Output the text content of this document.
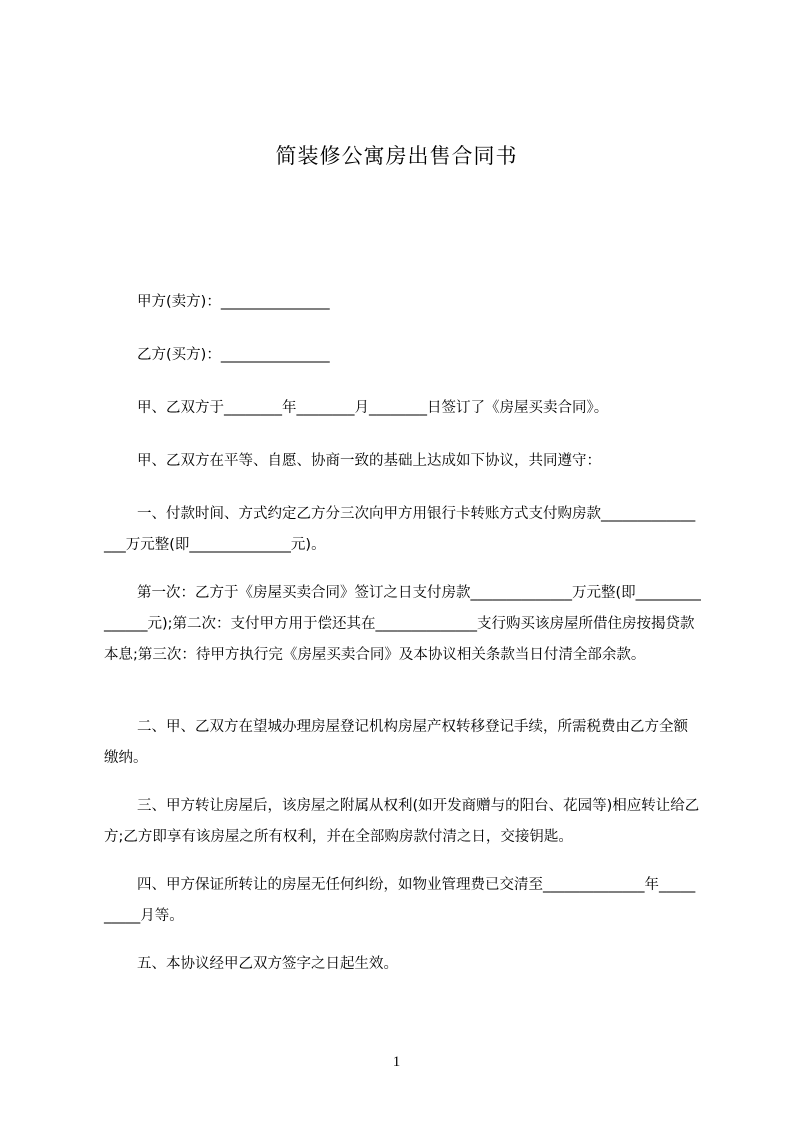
简装修公寓房出售合同书

甲方(卖方)：_______________

乙方(买方)：_______________

甲、乙双方于________年________月________日签订了《房屋买卖合同》。

甲、乙双方在平等、自愿、协商一致的基础上达成如下协议，共同遵守：

一、付款时间、方式约定乙方分三次向甲方用银行卡转账方式支付购房款________________万元整(即______________元)。

第一次：乙方于《房屋买卖合同》签订之日支付房款______________万元整(即_______________元);第二次：支付甲方用于偿还其在______________支行购买该房屋所借住房按揭贷款本息;第三次：待甲方执行完《房屋买卖合同》及本协议相关条款当日付清全部余款。

二、甲、乙双方在望城办理房屋登记机构房屋产权转移登记手续，所需税费由乙方全额缴纳。

三、甲方转让房屋后，该房屋之附属从权利(如开发商赠与的阳台、花园等)相应转让给乙方;乙方即享有该房屋之所有权利，并在全部购房款付清之日，交接钥匙。

四、甲方保证所转让的房屋无任何纠纷，如物业管理费已交清至______________年__________月等。

五、本协议经甲乙双方签字之日起生效。

1
